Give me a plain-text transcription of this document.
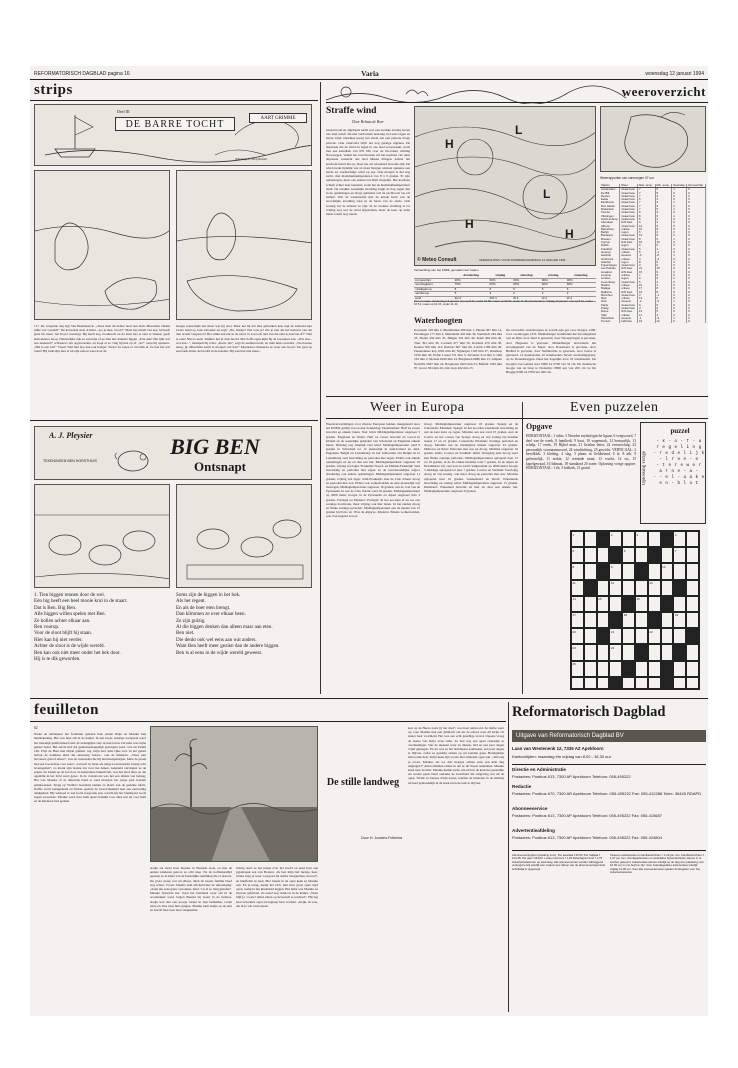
REFORMATORISCH DAGBLAD pagina 16	Varia	woensdag 12 januari 1994
strips
Deel III
DE BARRE TOCHT
AART GRIMME
Tekeningen: Joop Ruister
117. De volgende dag legt Van Heemskerck: „Twee man uit iedere hout nan land. Misschien vinden jullie wat voedsel!” De koraadsel staat al klaar. „Ga je mee, Jacob?” Maar hij schudt van nee, hij heeft geen fut meer. Jan Koert overtuigt. Hij heeft nog voorkracht en de kans iets te eten te vinden, geeft hem nieuwe hoop. Nieuwelijks zijn ze aan land of ze zien iets donkers liggen. „Een dier! Het lijkt wel een zeehond!” schreeuwt Jan opgewonden, en loopt er zo vlug hij kan op af. „Is?” roept hij opnieuw. „Het is een rob!” Vlees! Niet hun hoe dan ook honger. Vlees! Ze lopen er van blik af. Ze laat het wel ruien? Hij trekt zijn mes al uit zijn zak en weet door de
honger nauwelijks iets meer wat hij doet. Maar net hij dat mes gebruiken kan, legt de zeehond zijn zware hand op Jans schouder en zegt: „Nu, maatje! Wat wou je? Zie je niet dat het kadaver van dat dier al half vergaan is? Het stinkt een uur in de wind. Je zou toch niet van dat eten is daarvan af?” Niet te eten! Niet te eten! Jammer het in Jans hoofd. Met doffe ogen kijkt hij de koraadsel aan. „Wat dan... wat dan...”, mompelt hij schor. „Kom, Jan”, zegt de zeeman rucht, en trekt hem overeind. „We moeten terug, jij. Misschien komt er morgen wel iets!” Moedeloos klauteren ze weer aan boord. Jan gaat op een bank zitten, het hoofd in de handen. Hij weet het niet meer...
A. J. Pleysier	BIG BEN
Ontsnapt
TEKENINGEN BEN HORSTHUIS
1. Tien biggen rennen door de wei.
Eén big heeft een heel mooie krul in de staart.
Dat is Ben. Big Ben.
Alle biggen willen spelen met Ben.
Ze hollen achter elkaar aan.
Ben voorop.
Voor de sloot blijft hij staan.
Hier kan hij niet verder.
Achter de sloot is de wijde wereld.
Ben kan ook niet meer onder het hek door.
Hij is te dik geworden.
Soms zijn de biggen in het hok.
Als het regent.
En als de boer eten brengt.
Dan klimmen ze over elkaar heen.
Ze zijn gulzig.
Al die biggen denken dan alleen maar aan eten.
Ben niet.
Die denkt ook wel eens aan wat anders.
Want Ben heeft meer gezien dan de andere biggen.
Ben is al eens in de wijde wereld geweest.
weeroverzicht
Straffe wind
Door Helmus de Boer
Gisteravond en afgelopen nacht was een zwakke storing boven ons land actief. De niet verdwenen neerslag wel eens regen en harde wind. Daarmee kreeg een einde aan een periode droge periode. Ook vanavond blijft het nog geringe regenen. De depressie die de wind en regen in ons land veroorzaakt, zoals met een kerndruk van 970 hPa over de Noordzee richting Noorwegen. Vannit het noordwesten zal het koelrust van deze depressie vanaacht ons land binnen dringen. Achter het koufront klaart het op, maar het zal wisselend bewolkt zijn. De wind zwakt tijdelijk wat af, maar morgen ontstaat opnieuw een harde tot stormachtige wind op zee. Ook morgen is het nog zacht, met maximumtemperaturen van 8 à 9 graden. Er zijn opklaringen, maar een enkele bui blijft mogelijk. Het koufront schuift echter naar beneden, zodat het de maximumtemperatuur daalt. De zwakke westelijke stroming krijgt de nog regen dan in de opklaringen en droge gebieden wel de nachtvorst toe zal nemen. Wat de westenwind met de koude lucht van de noordelijke stroming staat in de buurt van de aarde. Ook zondag zal de situatie zo zijn. In de zwakke stroming is tot vrijdag nog wel de wind afgenomen, maar de kans op natte buien vormt nog steeds.
H
L
H
L
H
© Meteo Consult	VERWACHTING VOOR DONDERDAGMIDDAG 13 JANUARI 1994
Verwachting van het KNMI, gemaakt voor heden
	donderdag	vrijdag	zaterdag	zondag	maandag
zonneschijn	20%	50%	30%	30%	30%
neerslagkans	75%	60%	60%	60%	60%
middagtemp.	8	6	6	6	6
nachttemp.	5	2	2	2	2
wind	Zw 6	ZW 4	W 4	W 4	W 4
Zon en maan: donderdag 13 januari: zon op 8.42, onder 16.50; maan op 00.02, onder 11.26 (Amsterdam). Vrijdag 14 januari: zon op 8.41, onder 16.51; maan op 01.15, onder 11.43.
Waterhoogten
Kornstein 318 min 2, Rheinfelden 299 min 1, Maxau 367 min 14, Plochingen 177 min 2, Mannheim 442 min 32, Steinbach 244 min 33, Mainz 434 min 35, Bingen 322 min 40, Kaub 404 min 46, Trier 391 min 30, Cochem 477 min 50, Koblenz 470 min 50, Keulen 500 min 112, Ruhrort 607 min 60, Lobith 1180 min 49, Pannerdense kop 1092 min 40, Nijmegen 1195 min 37, IJsselkop 1056 min 30, Eefde Lossel 721 min 5, Deventer 614 min 2, Olst 519 min 2, Monsin 6240 min 14, Borgharen 6980 min 15, Ampsin Neuville 5697 min 24, Borgharen 4203 min 53, Belfeld 1593 min 87, Grave 834 min 20, Lith dorp 462 min 15.
De verwachte waterhoogten in Lobith zijn per voor morgen 1200, voor overmorgen 1270. Middelburger bodelfende het Stroomgebied van de Rijn: door Deel is gewezen; door Nevergevigen is gevonen, door Hagesten is gevonen. Middelburger bevorderde het stroomgebied van de Maas: door Roermond is gevonen, door Belfeld is gevonen, door Sambreville is gewezen, door Grave is gebouwd, 12 standaarden, 10 standaarden. Nevel: stochastigegrens, op de Donaubruggen. Deze het dagelijks door 18 standaarden. De hoogten van Gebied door 0000 tot 0700 van 34 cm. De chemische hoogte van de brug te Nederrijn: 0800 uur van 200 cm tot De Brugge 0300 tot 0700 uur 260 cm.
Weerrapporten van vanmorgen 07 uur
Station	Weer	Max. temp.	Min. temp.	Neerslag	Zonneschijn
Amsterdam	zwaar bew.	7	5	1	0
De Bilt	zwaar bew.	7	5	0	0
Deelen	zwaar bew.	7	4	0	0
Eelde	zwaar bew.	6	3	0	0
Eindhoven	zwaar bew.	7	4	1	0
Den Helder	zwaar bew.	7	5	0	0
Rotterdam	zwaar bew.	7	5	1	0
Twente	zwaar bew.	6	3	0	0
Vlissingen	zwaar bew.	8	6	1	0
Zuid-Limburg	zwaar bew.	6	3	0	0
Aberdeen	licht bew.	6	2	0	0
Athene	zwaar bew.	14	9	0	0
Barcelona	onbew.	15	8	0	0
Berlijn	regen	6	2	2	0
Bordeaux	zwaar bew.	13	6	0	0
Brussel	zwaar bew.	8	5	1	0
Cyprus	licht bew.	16	10	0	0
Dublin	regen	9	5	3	0
Frankfurt	zwaar bew.	5	1	0	0
Genève	onbew.	5	-2	0	0
Helsinki	sneeuw	-3	-8	1	0
Innsbruck	onbew.	4	-3	0	0
Istanbul	regen	8	5	4	0
Kopenhagen	zwaar bew.	3	0	0	0
Las Palmas	licht bew.	21	15	0	0
Lissabon	licht bew.	15	9	0	0
Locarno	onbew.	7	0	0	0
Londen	regen	9	6	2	0
Luxemburg	zwaar bew.	5	2	0	0
Madrid	onbew.	10	1	0	0
Malaga	onbew.	17	8	0	0
Mallorca	licht bew.	16	8	0	0
München	zwaar bew.	3	-1	0	0
Nice	onbew.	13	6	0	0
Oslo	sneeuw	-2	-6	1	0
Parijs	zwaar bew.	9	5	0	0
Praag	zwaar bew.	3	0	0	0
Rome	licht bew.	13	5	0	0
Split	onbew.	11	4	0	0
Stockholm	sneeuw	-1	-5	1	0
Tel Aviv	half bew.	19	12	0	0
Weer in Europa	Even puzzelen
Weersverwachtingen voor diverse Europese landen, meegedeeld door het KNMI, geldig van en met donderdag: Denemarken: Half tot zwaar bewolkt en enkele buien. Veel wind. Middagtemperatuur ongeveer 5 graden. Engeland en Wales: Half tot zwaar bewolkt en vooral in Ierland en de westelijke gebieden van Schotland en Engeland enkele buien. Dinsdag nog tamelijk veel wind. Middagtemperatuur rond 9 graden in Schotland tot 12 plaatselijk in zuid-Ierland en zuid-Engeland. België en Luxemburg: In het zuidoosten van België en in Luxemburg veel bewolking en perioden met regen. Elders ook enkele opklaringen en nu en dan een bui. Middagtemperatuur ongeveer 10 graden, vrijdag wat lager. Frankrijk: Noord- en Midden-Frankrijk: Veel bewolking en perioden met regen. In de noordwestelijke regio's donderdag ook enkele opklaringen. Middagtemperatuur ongeveer 11 graden, vrijdag wat lager. Zuid-Frankrijk: Aan de Côte d'Azur droog en perioden met zon. Elders ook wolkenvelden en zeer plaatselijk wat motregen. Middagtemperatuur ongeveer 16 graden, aan de voet van de Pyreneeën en aan de Côte d'Azur rond 16 graden. Middagtemperatuur op 2000 meter hoogte in de Pyreneeën en Alpen ongeveer min 3 graden. Portugal en Madeira: Portugal: In het noorden af en toe een zonnige doorbraak, maar vrijdag ook hier buien. In het zuiden droog en flinke zonnige perioden. Middagtemperatuur aan de kusten van 15 graden bij Porto tot 18 in de Algarve. Madeira: Enkele wolkenvelden, ook overwegend zon en
droog. Middagtemperatuur ongeveer 18 graden. Spanje en de Canarische Eilanden: Spanje: In het noorden wisselende bewolking en aan de kust kans op regen. Maxima aan zee rond 15 graden. Aan de Costa's en het oosten van Spanje droog en vrij zonnig bij maxima tussen 17 en 21 graden. Canarische Eilanden: Zonnige perioden en droog. Maxima aan de zuidelijkste kusten ongeveer 22 graden. Mallorca en Ibiza: Perioden met zon en droog. Maxima ongeveer 16 graden. Italië, Corsica en Sardinië: Italië: Overgang naar droog weer met flinke zonnige perioden. Middagtemperaturen oplopend naar 12 tot 16 graden, in de Po-vlakte maxima rond 7 graden. In de Alpen en Dolomieten vrij veel zon en zacht: temperatuur op 2000 meter hoogte 's middags oplopend tot plus 7 graden. Corsica en Sardinië: Voorlopig droog en vrij zonnig, ook maar droog en perioden met zon. Maxima oplopend naar 16 graden. Griekenland en Kreta: Wisselende bewolking en weinig wind. Middagtemperatuur ongeveer 15 graden. Duitsland: Wisselend bewolkt en hier en daar een enkele bui. Middagtemperatuur ongeveer 9 graden.
Opgave
HORIZONTAAL: 1 sidus, 3 Noordse mythologische figuur, 6 voegwoord, 7 deel van de week, 8 familiedi, 9 hout, 10 wapenstok, 12 bestuurlijk, 13 schelp, 17 reeds, 19 Bijbel man, 21 Griekse letter, 22 evenwichtig, 23 persoonlijk voornaamwoord, 24 windrichting, 25 gewicht. VERTICAAL: 2 bevelklok, 3 kleding, 4 slag, 5 plaats in Gelderland, 6 le, 8 afk, 9 gefeestelijk, 11 ziekte, 12 vreemde munt, 13 vrucht, 14 vis, 15 kapelgewaad, 16 lidmaat, 18 standaard 20 water. Oplossing vorige opgave: HORIZONTAAL: 1 eb, 3 bolkerk, 21 grond.	Oplossing vorige
puzzel
- k - o - f - a
r e g e l i n g
- r e d e l i j k
- l r e e - e
- t e r e w e r
a r n e - a -
- - e l - a a k e
e n - b l u t
1	2	3	4
5	6	7
8	9	10
11	12	13
14	15	16
17	18	19
20	21	22
23	24
25
feuilleton
62
Nadat de ambtenaar het formulier gelezen had, zetten Krijn en Maaike hun handtekening. Het was heel stil in de kamer. In een korte, ernstige toespraak werd het huwelijk geïnformeerd met de belangrijke stap in hun leven. De kerk was bijna geheel bezet. Het eerste lied dat gemeenschappelijk gezongen werd, was uit Psalm 146. Prijs de Heer met blijde galmen. Gij, mijn ziel, hebt rijke stof. In het gebed betrok de dominee allen die aanwezig waren... ook de kinderen. „Wees niet bevreesd, geloof alleen”, was de trouwtekst die hij had meegekregen. Maar de preek had een boodschap voor ieder: „Gelooft in Jezus als enige Levensredder brengt echt levensgeluk”, zo klonk zijn laatste zin voor het Amen. Geknield ontvingen ze de zegen. Ze treden op de zon door de kerkramen binnenvielt, was het alsof alles op die ogenblik in het licht werd gezet. In de consistorie was het een drukte van belang. Het was Maaike of ze duizende hand te rond moesten het jonge paar konden gelukwensen. Terug op Wolde's boerderij namen ze plaats aan de gedekte tafels. Koffie werd rondgedeeld en Wolde opende de brood-maaltijd met een eenvoudig dankgebed. Hij verhoed er een korte toespraak aan, waarin hij het bruidspaar Gods zegen toewenste. Maaike werd door hem apart bedankt voor alles wat zij voor hem en de kinderen had gedaan.
De stille landweg
Door H. Joosten-Folkema
Aadje zat naast haar moeder in Berends stoel, en met de andere kinderen genoot ze echt mee. Na de koffiemaaltijd gezeten ze in klein van de feestelijke stemming die er heerste. De grote groep wat uit elkaar, allen de naaste familie bleef nog achter. Vrouw Jansma nam afscheid met de uitnodiging: „Kom me eens gauw opzoeken, kind. 't is al zo lang geleden”. Maaike beloofde het. Toen het helemaal weer stil in de woonkamer werd, begon Berend bij Geert in de bedstee. Aadje kon dan een poosje rusten in zijn bedkamer, totdat tante en Jans naar huis gingen. Maaike nam Aadje op de arm en bracht haar naar haar slaapkamer.
richtig deed ze het jurkje over het hoofd en deed haar een pyjamapak aan van Berend. „Ik ben mijn lief meisje, heer. Straks mag je weer voorgoed bij mams terugkomen, lieverd”, en knuffelde ze haar. Met tranen in de ogen keek ze Maaike aan. En je terug, Aadje liet zich, met haar grote open wijd open, rustig in het kinderbed leggen. Het liefst was Maaike na bij haar gebleven. Ze stond nog radeloos in de kamer. „Waar blijf je, vrouw? Allen zitten op de bezwil te wachten”. Hij zag haar bezonden ogen en begreep haar verdriet. „Krijn, ik wou, dat ik je van vertrouwen
kon op de Heere zoals jij het doet”, was haar antwoord. Ze liefde weer op, toen Maaike met een glimlach om uit de school naar dit Krijn z'n zuster haar voorhield. Het was een echt gezellige avond. Opeens vroeg de zuster van Krijn even stilte. Ze had nog een apart cadeautje te overhandigen. Van de mensen waar ze diende, had ze een paar dagen vrijaf gekregen. En nu was ze het bruidspaar aanbieden, een paar dagen te blijven, zodat ze gezellig samen op uit konden gaan. Handgeklap belooonde haar. Krijn keek zijn vrouw met stralende ogen aan. „Wat zeg je ervan, Maaike, als we dan morgen samen eens een hele dag uitgingen?” Allen stemden ermee in dat ze dit moest aannemen. Maaike keek naar de mist. Maaike huilde zacht, die zich in de kerk het geestelijk als wetten gezet bleef ondanks de zwartheid die omgeving wat uit de ogen. Wolde in Jansen, Krijn zuster, hadden de kinderen in de middag uit heel gemoedelijk in de hoek even de taak te drijven.
Reformatorisch Dagblad
Uitgave van Reformatorisch Dagblad BV
Laan van Westenenk 12, 7336 AZ Apeldoorn
Kantoortijden: maandag t/m vrijdag van 8.00 - 16.30 uur.
Directie en Administratie
Postadres: Postbus 613, 7300 AP Apeldoorn Telefoon: 055-495222
Redactie
Postadres: Postbus 670, 7300 AR Apeldoorn Telefoon: 055-495222 Fax: 055-412288 Telex: 36445 RDAPD
Abonneeservice
Postadres: Postbus 613, 7300 AP Apeldoorn Telefoon: 055-495222 Fax: 055-415687
Advertentieafdeling
Postadres: Postbus 613, 7300 AP Apeldoorn Telefoon: 055-495222 Fax: 055-424804
Abonnementsprijzen (betaling voor): Per kwartaal f 63,00; Per halfjaar f 124,25; Per jaar f 244,00. Losse nummers f 1,25 Zaterdagnummer f 1,75 Advertentietarieven op aanvraag. Alle abonnementen worden stilzwijgend verlengd tenzij uiterlijk één maand voor afloop van de abonnementsperiode schriftelijk is opgezegd.
Tarieven advertenties en familieberichten: f 1,20 per mm. Familieberichten: f 1,07 per mm. Zondagsdiensten en wekelijkse bijzonderheden dienen in te worden geleverd. Advertenties dienen uiterlijk op de dag voor plaatsing voor 16.00 uur in ons bezit te zijn. Voor zaterdagedities advertenties uiterlijk vrijdag 12.00 uur. Voor alle overeenkomsten gelden de Regelen voor het Advertentiewezen.
